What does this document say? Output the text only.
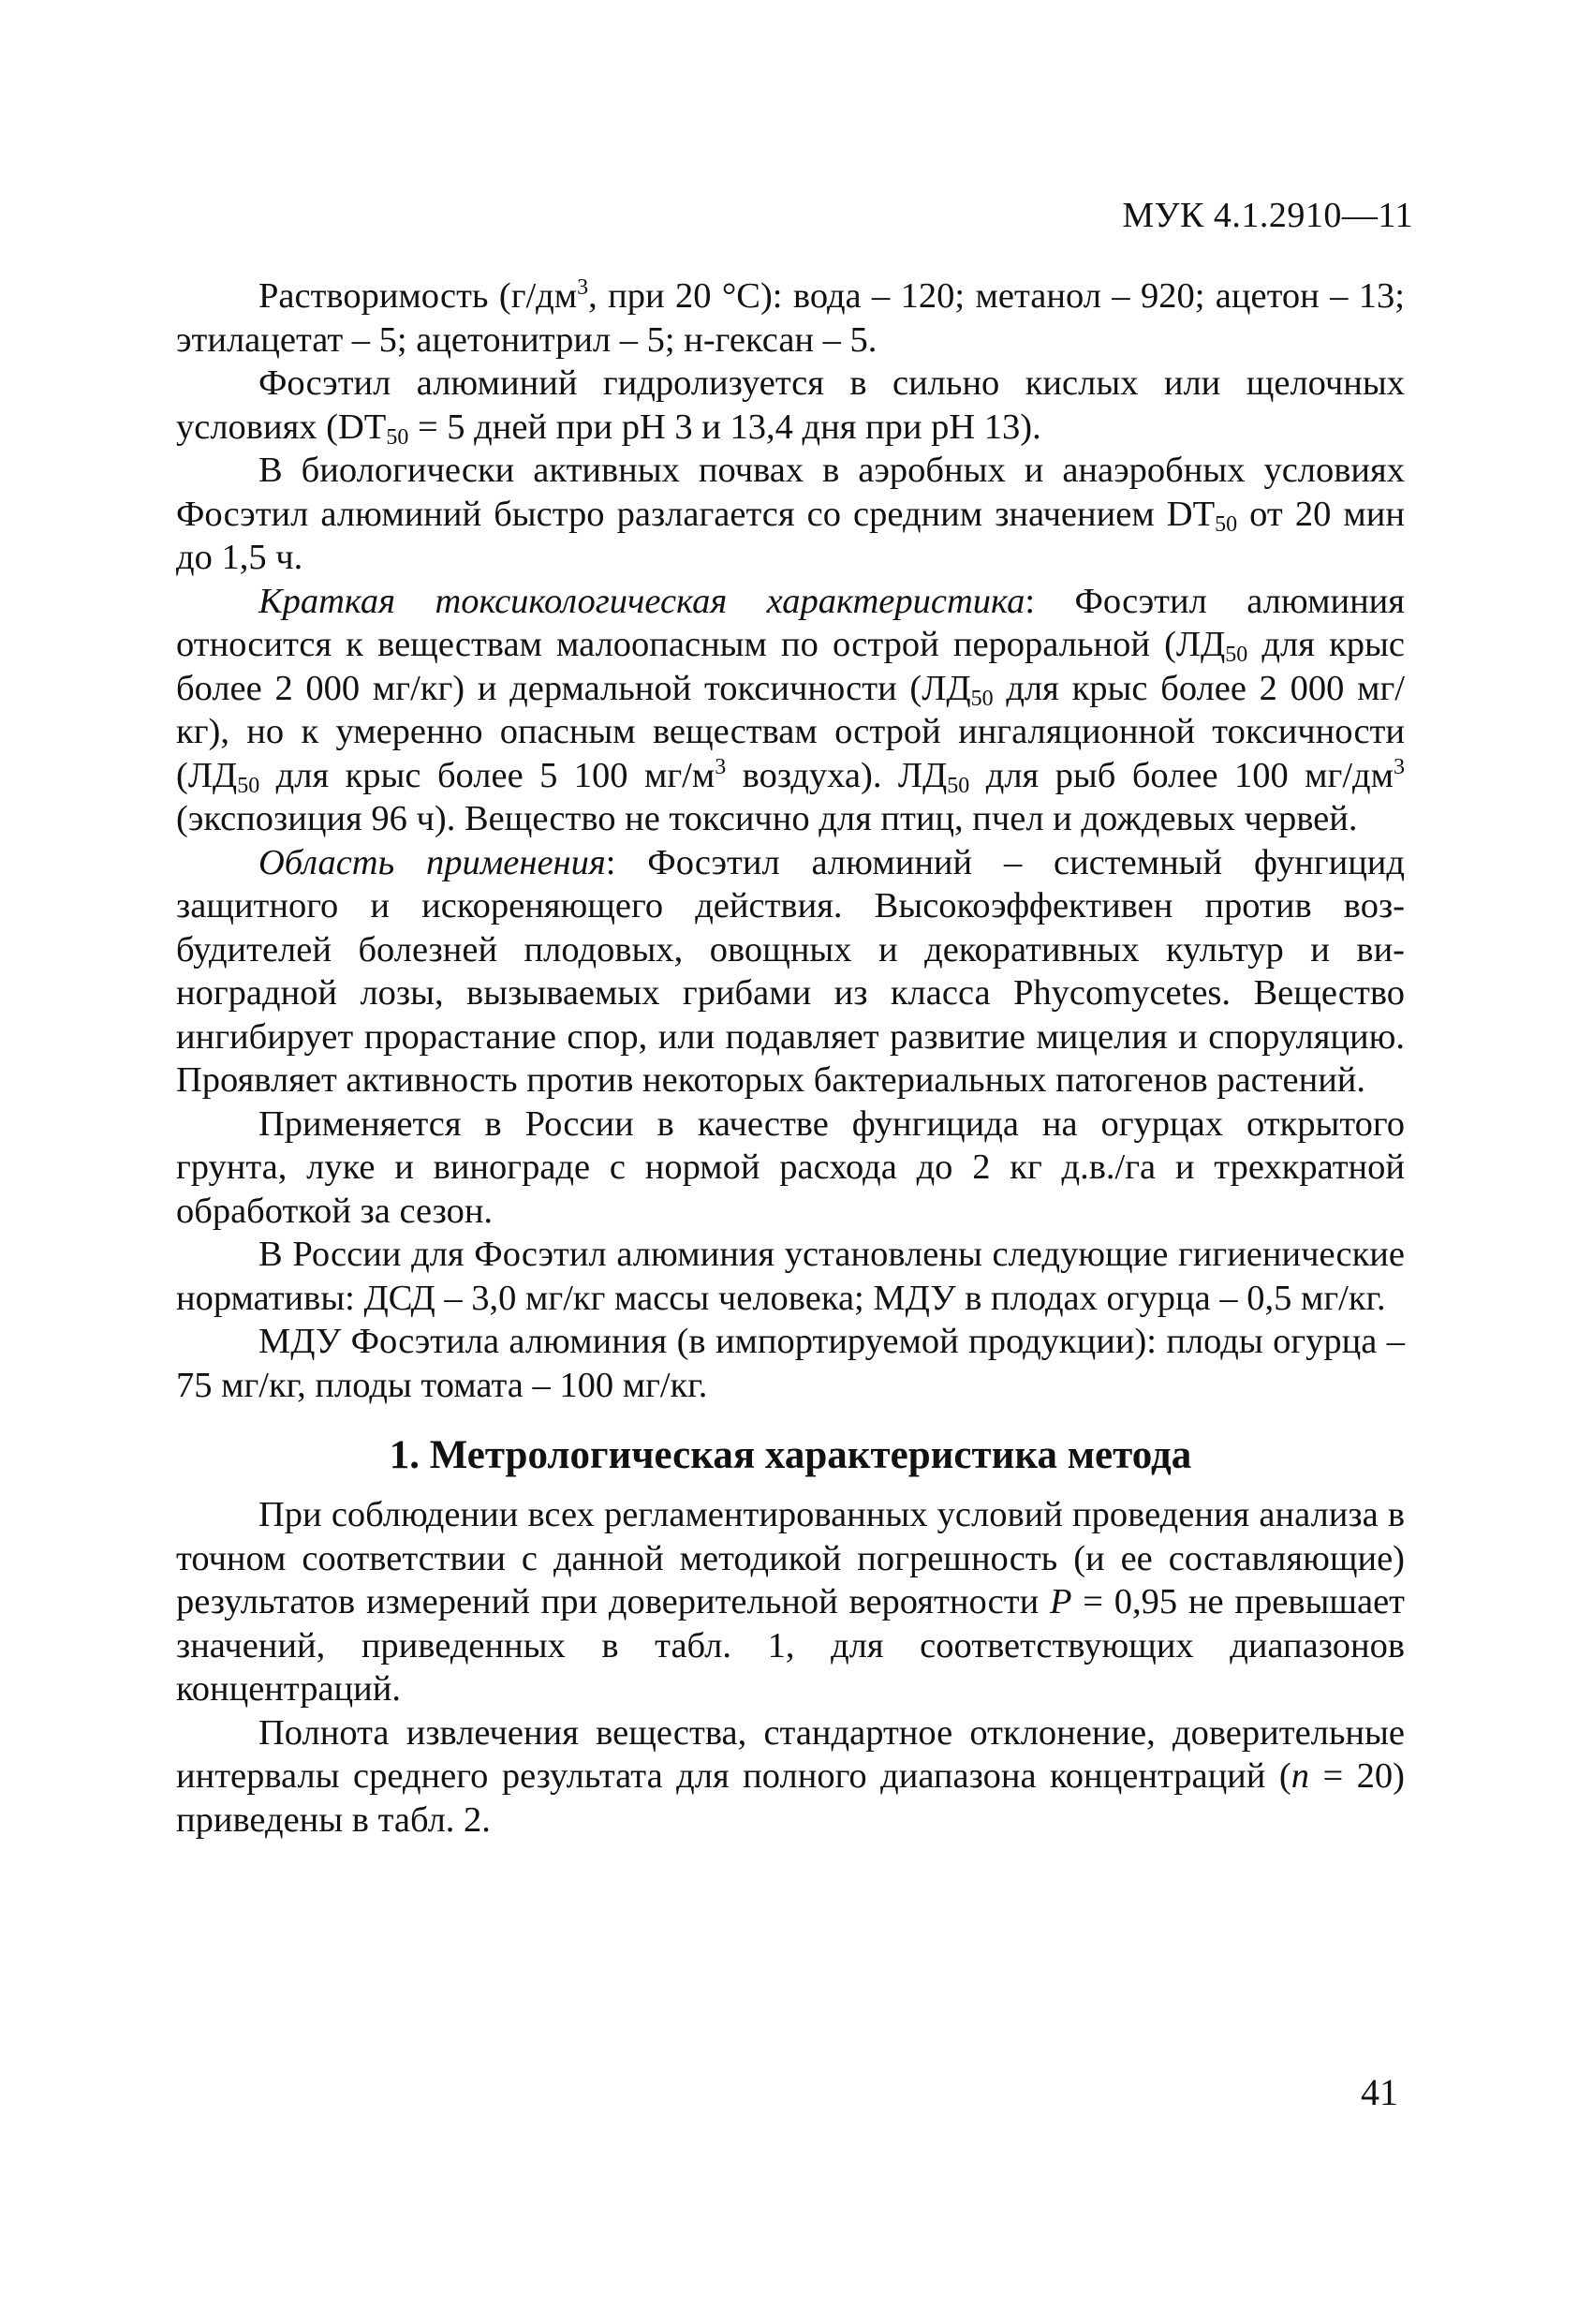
МУК 4.1.2910—11

Растворимость ($г/дм^3$, при 20 °C): вода – 120; метанол – 920; ацетон – 13; этилацетат – 5; ацетонитрил – 5; н-гексан – 5.

Фосэтил алюминий гидролизуется в сильно кислых или щелочных условиях ($DT_{50} = 5$ дней при pH 3 и 13,4 дня при pH 13).

В биологически активных почвах в аэробных и анаэробных условиях Фосэтил алюминий быстро разлагается со средним значением $DT_{50}$ от 20 мин до 1,5 ч.

Краткая токсикологическая характеристика: Фосэтил алюминия относится к веществам малоопасным по острой пероральной ($ЛД_{50}$ для крыс более 2 000 мг/кг) и дермальной токсичности ($ЛД_{50}$ для крыс более 2 000 мг/кг), но к умеренно опасным веществам острой ингаляционной токсичности ($ЛД_{50}$ для крыс более 5 100 $мг/м^3$ воздуха). $ЛД_{50}$ для рыб более 100 $мг/дм^3$ (экспозиция 96 ч). Вещество не токсично для птиц, пчел и дождевых червей.

Область применения: Фосэтил алюминий – системный фунгицид защитного и искореняющего действия. Высокоэффективен против возбудителей болезней плодовых, овощных и декоративных культур и виноградной лозы, вызываемых грибами из класса Phycomycetes. Вещество ингибирует прорастание спор, или подавляет развитие мицелия и споруляцию. Проявляет активность против некоторых бактериальных патогенов растений.

Применяется в России в качестве фунгицида на огурцах открытого грунта, луке и винограде с нормой расхода до 2 кг д.в./га и трехкратной обработкой за сезон.

В России для Фосэтил алюминия установлены следующие гигиенические нормативы: ДСД – 3,0 мг/кг массы человека; МДУ в плодах огурца – 0,5 мг/кг.

МДУ Фосэтила алюминия (в импортируемой продукции): плоды огурца – 75 мг/кг, плоды томата – 100 мг/кг.

1. Метрологическая характеристика метода

При соблюдении всех регламентированных условий проведения анализа в точном соответствии с данной методикой погрешность (и ее составляющие) результатов измерений при доверительной вероятности P = 0,95 не превышает значений, приведенных в табл. 1, для соответствующих диапазонов концентраций.

Полнота извлечения вещества, стандартное отклонение, доверительные интервалы среднего результата для полного диапазона концентраций (n = 20) приведены в табл. 2.

41
